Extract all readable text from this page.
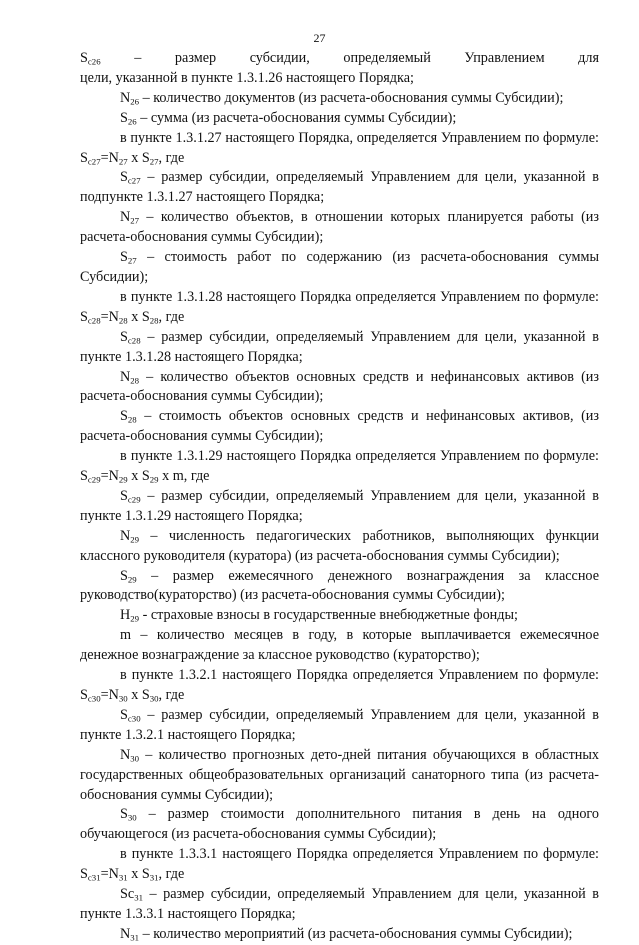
27

$S_{c26}$ – размер субсидии, определяемый Управлением для

цели, указанной в пункте 1.3.1.26 настоящего Порядка;

$N_{26}$ – количество документов (из расчета-обоснования суммы Субсидии);

$S_{26}$ – сумма (из расчета-обоснования суммы Субсидии);

в пункте 1.3.1.27 настоящего Порядка, определяется Управлением по формуле: $S_{c27}=N_{27}$ x $S_{27}$, где

$S_{c27}$ – размер субсидии, определяемый Управлением для цели, указанной в подпункте 1.3.1.27 настоящего Порядка;

$N_{27}$ – количество объектов, в отношении которых планируется работы (из расчета-обоснования суммы Субсидии);

$S_{27}$ – стоимость работ по содержанию (из расчета-обоснования суммы Субсидии);

в пункте 1.3.1.28 настоящего Порядка определяется Управлением по формуле: $S_{c28}=N_{28}$ x $S_{28}$, где

$S_{c28}$ – размер субсидии, определяемый Управлением для цели, указанной в пункте 1.3.1.28 настоящего Порядка;

$N_{28}$ – количество объектов основных средств и нефинансовых активов (из расчета-обоснования суммы Субсидии);

$S_{28}$ – стоимость объектов основных средств и нефинансовых активов, (из расчета-обоснования суммы Субсидии);

в пункте 1.3.1.29 настоящего Порядка определяется Управлением по формуле: $S_{c29}=N_{29}$ x $S_{29}$ x m, где

$S_{c29}$ – размер субсидии, определяемый Управлением для цели, указанной в пункте 1.3.1.29 настоящего Порядка;

$N_{29}$ – численность педагогических работников, выполняющих функции классного руководителя (куратора) (из расчета-обоснования суммы Субсидии);

$S_{29}$ – размер ежемесячного денежного вознаграждения за классное руководство(кураторство) (из расчета-обоснования суммы Субсидии);

$H_{29}$ - страховые взносы в государственные внебюджетные фонды;

m – количество месяцев в году, в которые выплачивается ежемесячное денежное вознаграждение за классное руководство (кураторство);

в пункте 1.3.2.1 настоящего Порядка определяется Управлением по формуле: $S_{c30}=N_{30}$ x $S_{30}$, где

$S_{c30}$ – размер субсидии, определяемый Управлением для цели, указанной в пункте 1.3.2.1 настоящего Порядка;

$N_{30}$ – количество прогнозных дето-дней питания обучающихся в областных государственных общеобразовательных организаций санаторного типа (из расчета-обоснования суммы Субсидии);

$S_{30}$ – размер стоимости дополнительного питания в день на одного обучающегося (из расчета-обоснования суммы Субсидии);

в пункте 1.3.3.1 настоящего Порядка определяется Управлением по формуле: $S_{c31}=N_{31}$ x $S_{31}$, где

$Sc_{31}$ – размер субсидии, определяемый Управлением для цели, указанной в пункте 1.3.3.1 настоящего Порядка;

$N_{31}$ – количество мероприятий (из расчета-обоснования суммы Субсидии);
